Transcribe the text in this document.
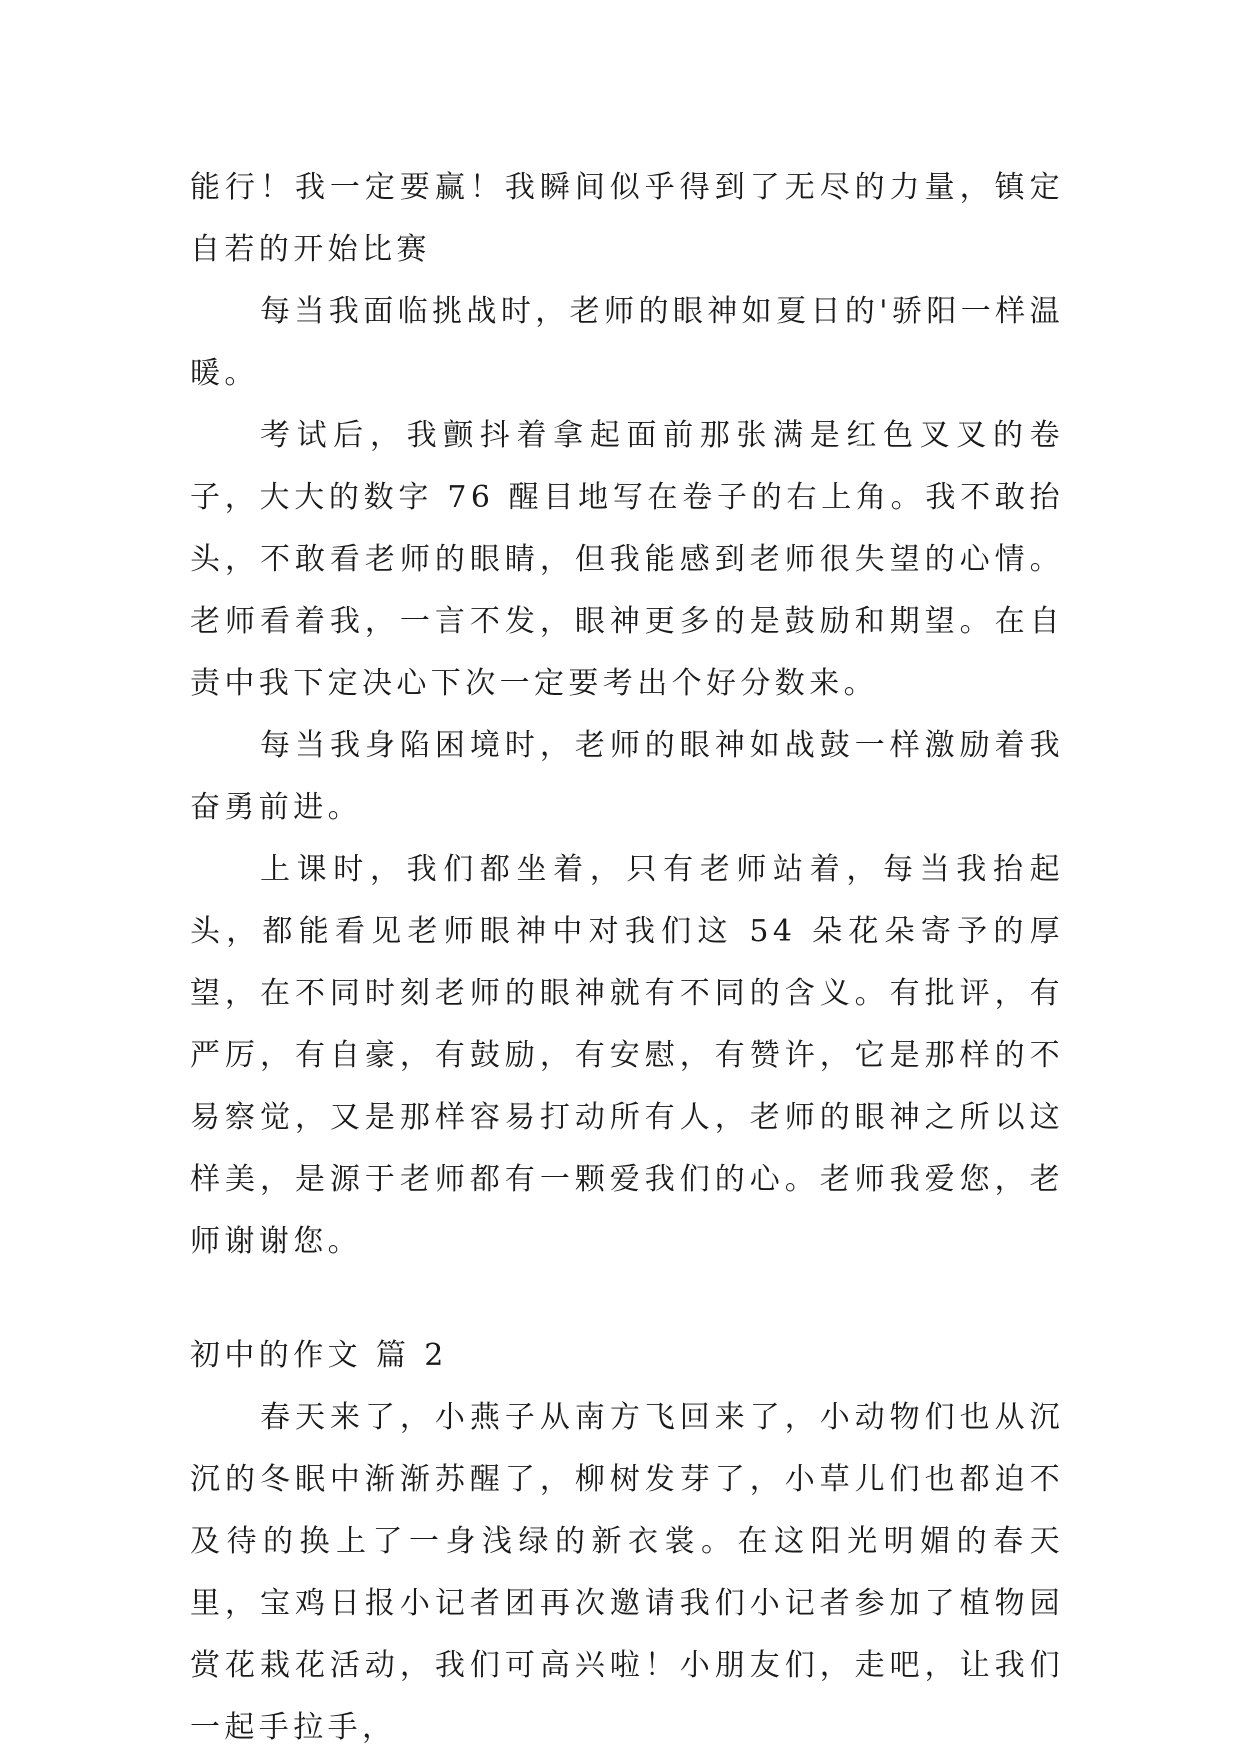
能行！我一定要赢！我瞬间似乎得到了无尽的力量，镇定自若的开始比赛

每当我面临挑战时，老师的眼神如夏日的'骄阳一样温暖。

考试后，我颤抖着拿起面前那张满是红色叉叉的卷子，大大的数字 76 醒目地写在卷子的右上角。我不敢抬头，不敢看老师的眼睛，但我能感到老师很失望的心情。老师看着我，一言不发，眼神更多的是鼓励和期望。在自责中我下定决心下次一定要考出个好分数来。

每当我身陷困境时，老师的眼神如战鼓一样激励着我奋勇前进。

上课时，我们都坐着，只有老师站着，每当我抬起头，都能看见老师眼神中对我们这 54 朵花朵寄予的厚望，在不同时刻老师的眼神就有不同的含义。有批评，有严厉，有自豪，有鼓励，有安慰，有赞许，它是那样的不易察觉，又是那样容易打动所有人，老师的眼神之所以这样美，是源于老师都有一颗爱我们的心。老师我爱您，老师谢谢您。

初中的作文 篇 2

春天来了，小燕子从南方飞回来了，小动物们也从沉沉的冬眠中渐渐苏醒了，柳树发芽了，小草儿们也都迫不及待的换上了一身浅绿的新衣裳。在这阳光明媚的春天里，宝鸡日报小记者团再次邀请我们小记者参加了植物园赏花栽花活动，我们可高兴啦！小朋友们，走吧，让我们一起手拉手，
